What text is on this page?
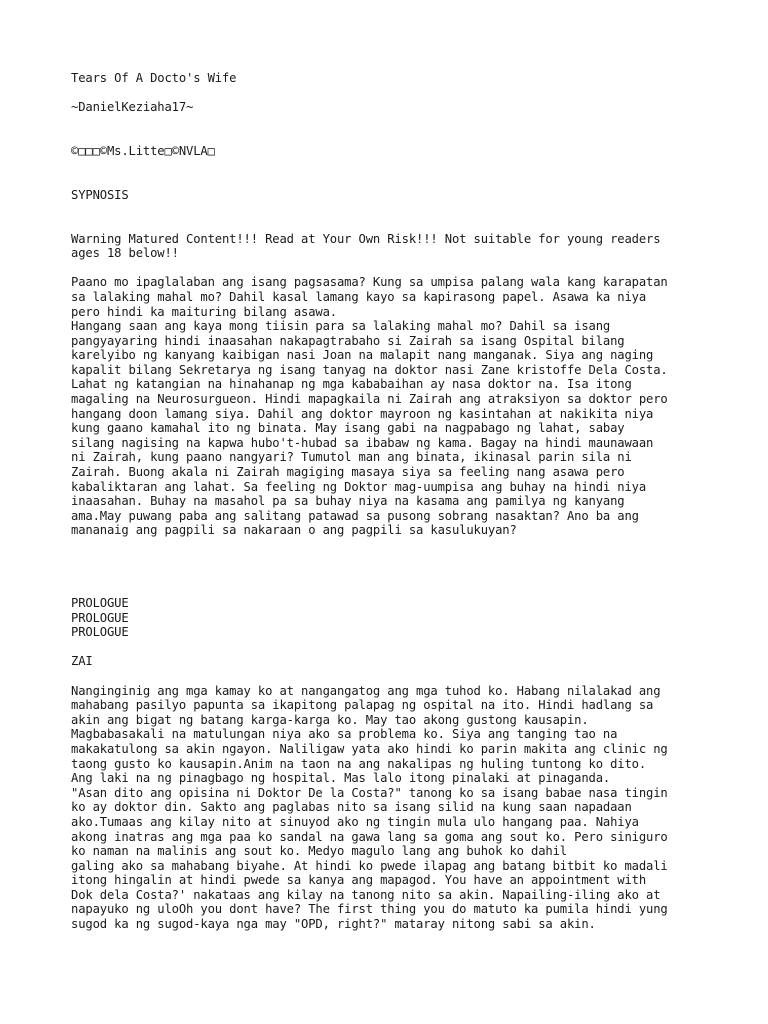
Tears Of A Docto's Wife
~DanielKeziaha17~
©□□□©Ms.Litte□©NVLA□
SYPNOSIS
Warning Matured Content!!! Read at Your Own Risk!!! Not suitable for young readers
ages 18 below!!
Paano mo ipaglalaban ang isang pagsasama? Kung sa umpisa palang wala kang karapatan
sa lalaking mahal mo? Dahil kasal lamang kayo sa kapirasong papel. Asawa ka niya
pero hindi ka maituring bilang asawa.
Hangang saan ang kaya mong tiisin para sa lalaking mahal mo? Dahil sa isang
pangyayaring hindi inaasahan nakapagtrabaho si Zairah sa isang Ospital bilang
karelyibo ng kanyang kaibigan nasi Joan na malapit nang manganak. Siya ang naging
kapalit bilang Sekretarya ng isang tanyag na doktor nasi Zane kristoffe Dela Costa.
Lahat ng katangian na hinahanap ng mga kababaihan ay nasa doktor na. Isa itong
magaling na Neurosurgueon. Hindi mapagkaila ni Zairah ang atraksiyon sa doktor pero
hangang doon lamang siya. Dahil ang doktor mayroon ng kasintahan at nakikita niya
kung gaano kamahal ito ng binata. May isang gabi na nagpabago ng lahat, sabay
silang nagising na kapwa hubo't-hubad sa ibabaw ng kama. Bagay na hindi maunawaan
ni Zairah, kung paano nangyari? Tumutol man ang binata, ikinasal parin sila ni
Zairah. Buong akala ni Zairah magiging masaya siya sa feeling nang asawa pero
kabaliktaran ang lahat. Sa feeling ng Doktor mag-uumpisa ang buhay na hindi niya
inaasahan. Buhay na masahol pa sa buhay niya na kasama ang pamilya ng kanyang
ama.May puwang paba ang salitang patawad sa pusong sobrang nasaktan? Ano ba ang
mananaig ang pagpili sa nakaraan o ang pagpili sa kasulukuyan?
PROLOGUE
PROLOGUE
PROLOGUE
ZAI
Nanginginig ang mga kamay ko at nangangatog ang mga tuhod ko. Habang nilalakad ang
mahabang pasilyo papunta sa ikapitong palapag ng ospital na ito. Hindi hadlang sa
akin ang bigat ng batang karga-karga ko. May tao akong gustong kausapin.
Magbabasakali na matulungan niya ako sa problema ko. Siya ang tanging tao na
makakatulong sa akin ngayon. Naliligaw yata ako hindi ko parin makita ang clinic ng
taong gusto ko kausapin.Anim na taon na ang nakalipas ng huling tuntong ko dito.
Ang laki na ng pinagbago ng hospital. Mas lalo itong pinalaki at pinaganda.
"Asan dito ang opisina ni Doktor De la Costa?" tanong ko sa isang babae nasa tingin
ko ay doktor din. Sakto ang paglabas nito sa isang silid na kung saan napadaan
ako.Tumaas ang kilay nito at sinuyod ako ng tingin mula ulo hangang paa. Nahiya
akong inatras ang mga paa ko sandal na gawa lang sa goma ang sout ko. Pero siniguro
ko naman na malinis ang sout ko. Medyo magulo lang ang buhok ko dahil
galing ako sa mahabang biyahe. At hindi ko pwede ilapag ang batang bitbit ko madali
itong hingalin at hindi pwede sa kanya ang mapagod. You have an appointment with
Dok dela Costa?' nakataas ang kilay na tanong nito sa akin. Napailing-iling ako at
napayuko ng uloOh you dont have? The first thing you do matuto ka pumila hindi yung
sugod ka ng sugod-kaya nga may "OPD, right?" mataray nitong sabi sa akin.
